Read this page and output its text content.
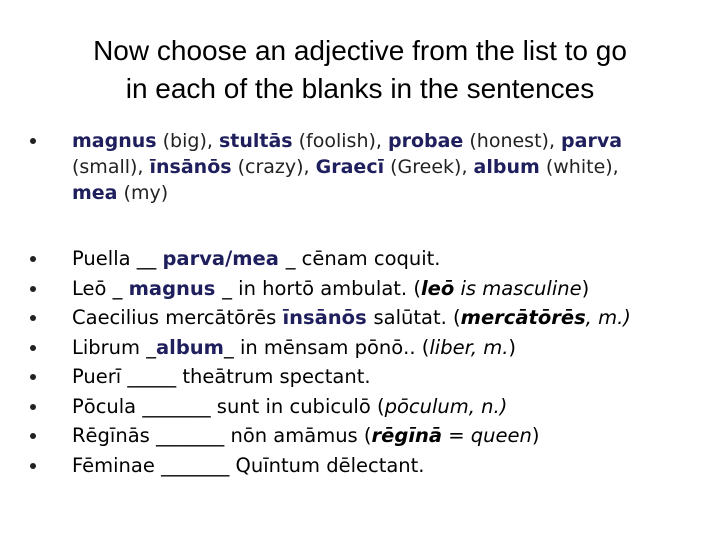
Now choose an adjective from the list to go
in each of the blanks in the sentences
magnus (big), stultās (foolish), probae (honest), parva
(small), īnsānōs (crazy), Graecī (Greek), album (white),
mea (my)
Puella __ parva/mea _ cēnam coquit.
Leō _ magnus _ in hortō ambulat. (leō is masculine)
Caecilius mercātōrēs īnsānōs salūtat. (mercātōrēs, m.)
Librum _album_ in mēnsam pōnō.. (liber, m.)
Puerī _____ theātrum spectant.
Pōcula _______ sunt in cubiculō (pōculum, n.)
Rēgīnās _______ nōn amāmus (rēgīnā = queen)
Fēminae _______ Quīntum dēlectant.
